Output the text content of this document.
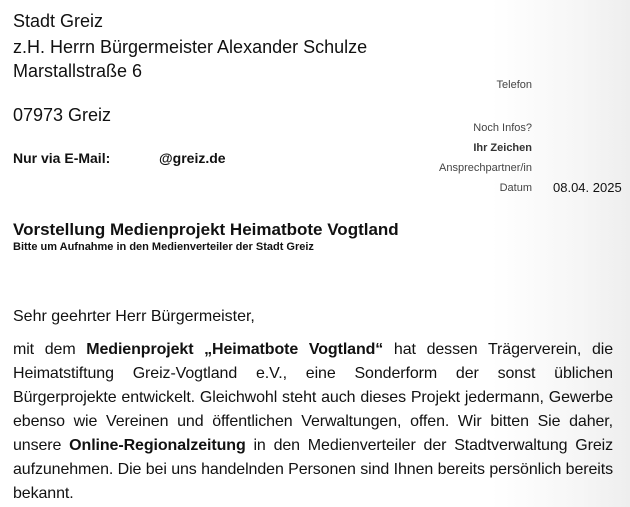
Stadt Greiz
z.H. Herrn Bürgermeister Alexander Schulze
Marstallstraße 6
07973 Greiz
Nur via E-Mail:	@greiz.de
Telefon
Noch Infos?
Ihr Zeichen
Ansprechpartner/in
Datum 08.04. 2025
Vorstellung Medienprojekt Heimatbote Vogtland
Bitte um Aufnahme in den Medienverteiler der Stadt Greiz
Sehr geehrter Herr Bürgermeister,
mit dem Medienprojekt „Heimatbote Vogtland“ hat dessen Trägerverein, die Heimatstiftung Greiz-Vogtland e.V., eine Sonderform der sonst üblichen Bürgerprojekte entwickelt. Gleichwohl steht auch dieses Projekt jedermann, Gewerbe ebenso wie Vereinen und öffentlichen Verwaltungen, offen. Wir bitten Sie daher, unsere Online-Regionalzeitung in den Medienverteiler der Stadtverwaltung Greiz aufzunehmen. Die bei uns handelnden Personen sind Ihnen bereits persönlich bereits bekannt.
